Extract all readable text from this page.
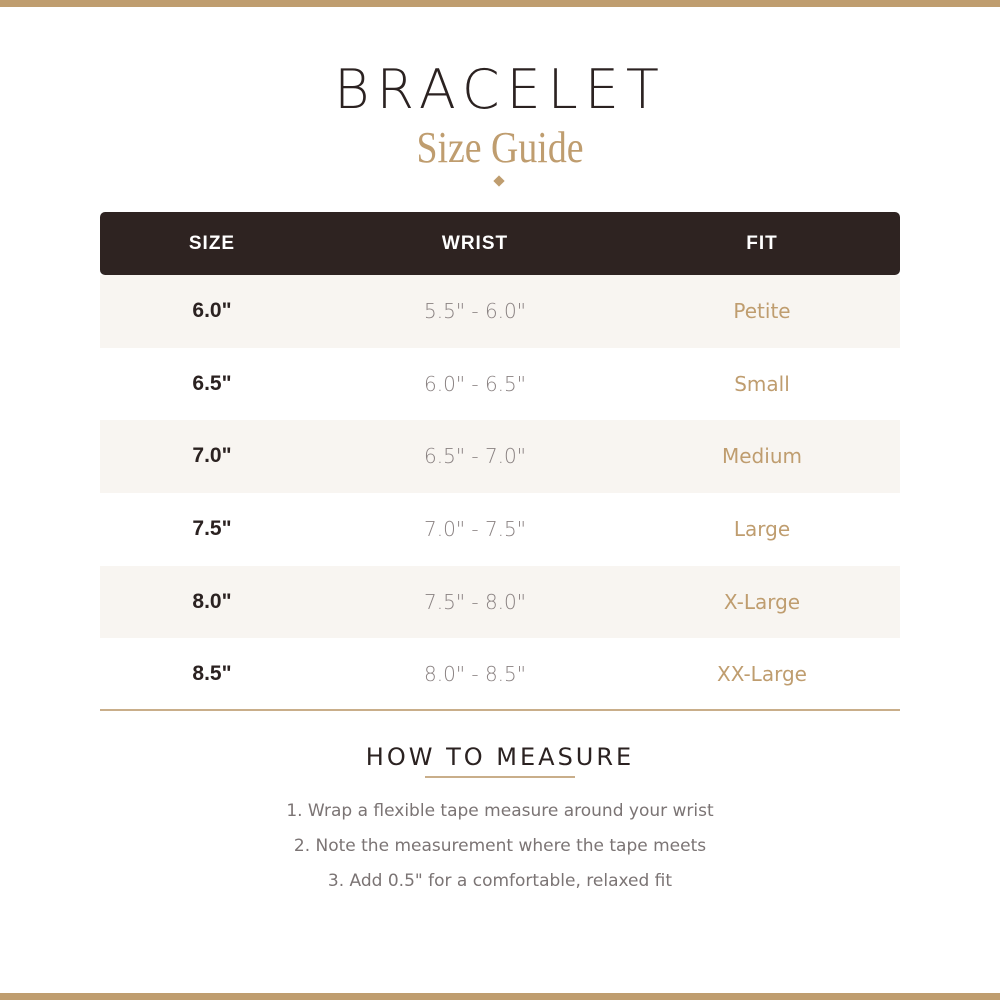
BRACELET
Size Guide
SIZE	WRIST	FIT
6.0"	5.5" - 6.0"	Petite
6.5"	6.0" - 6.5"	Small
7.0"	6.5" - 7.0"	Medium
7.5"	7.0" - 7.5"	Large
8.0"	7.5" - 8.0"	X-Large
8.5"	8.0" - 8.5"	XX-Large
HOW TO MEASURE
1. Wrap a flexible tape measure around your wrist
2. Note the measurement where the tape meets
3. Add 0.5" for a comfortable, relaxed fit
